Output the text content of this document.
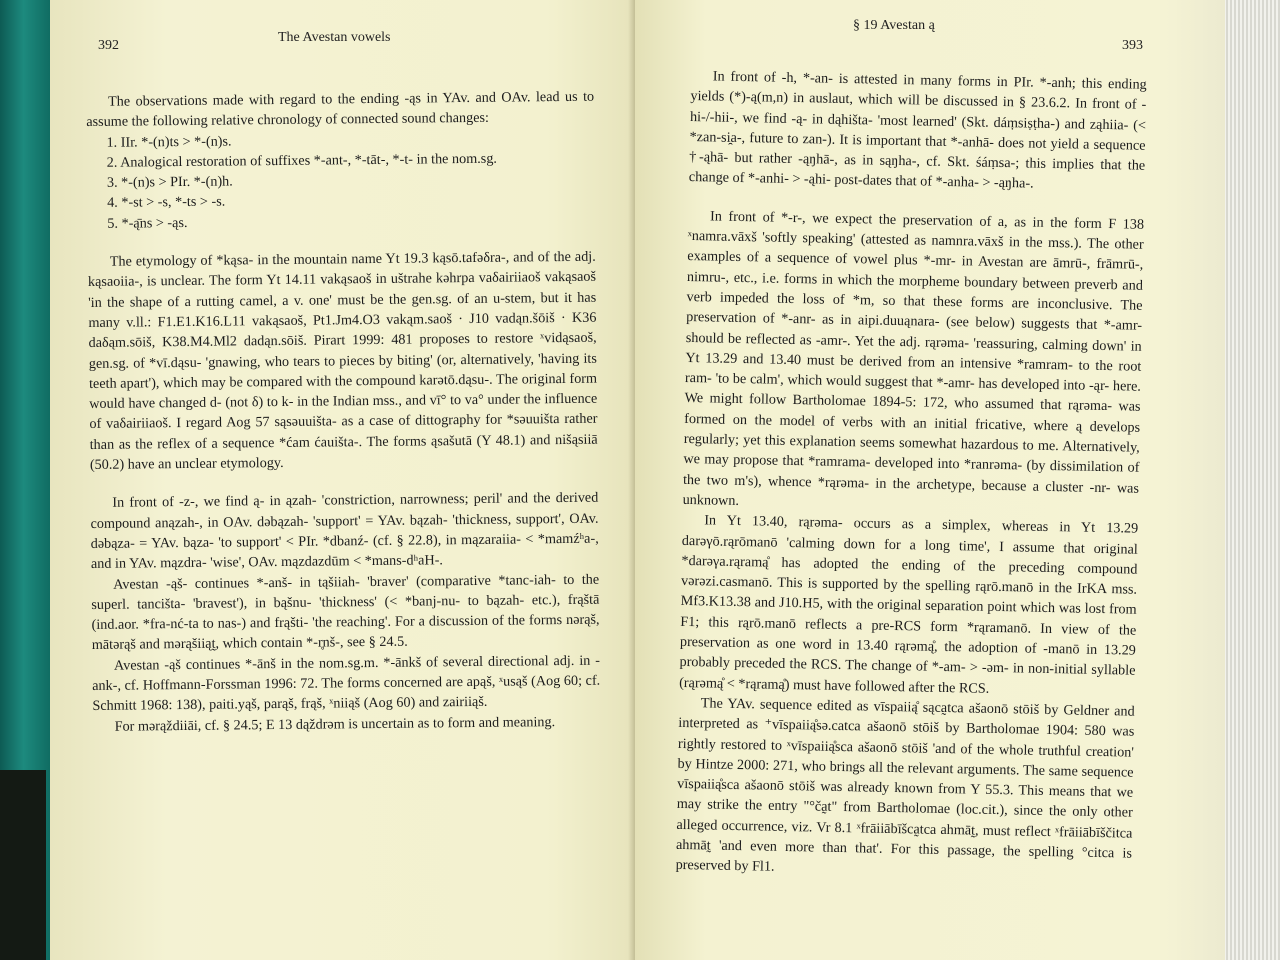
392
The Avestan vowels

The observations made with regard to the ending -ąs in YAv. and OAv. lead us to assume the following relative chronology of connected sound changes:

1. IIr. *-(n)ts > *-(n)s.
2. Analogical restoration of suffixes *-ant-, *-tāt-, *-t- in the nom.sg.
3. *-(n)s > PIr. *-(n)h.
4. *-st > -s, *-ts > -s.
5. *-ą̄ns > -ąs.

The etymology of *kąsa- in the mountain name Yt 19.3 kąsō.tafəδra-, and of the adj. kąsaoiia-, is unclear. The form Yt 14.11 vakąsaoš in uštrahe kəhrpa vaδairiiaoš vakąsaoš 'in the shape of a rutting camel, a v. one' must be the gen.sg. of an u-stem, but it has many v.ll.: F1.E1.K16.L11 vakąsaoš, Pt1.Jm4.O3 vakąm.saoš · J10 vadąn.šōiš · K36 daδąm.sōiš, K38.M4.Ml2 dadąn.sōiš. Pirart 1999: 481 proposes to restore ˣvidąsaoš, gen.sg. of *vī.dąsu- 'gnawing, who tears to pieces by biting' (or, alternatively, 'having its teeth apart'), which may be compared with the compound karətō.dąsu-. The original form would have changed d- (not δ) to k- in the Indian mss., and vī° to va° under the influence of vaδairiiaoš. I regard Aog 57 sąsəuuišta- as a case of dittography for *səuuišta rather than as the reflex of a sequence *ćam ćauišta-. The forms ąsašutā (Y 48.1) and nišąsiiā (50.2) have an unclear etymology.

In front of -z-, we find ą- in ązah- 'constriction, narrowness; peril' and the derived compound anązah-, in OAv. dəbązah- 'support' = YAv. bązah- 'thickness, support', OAv. dəbąza- = YAv. bąza- 'to support' < PIr. *dbanź- (cf. § 22.8), in mązaraiia- < *mamźʰa-, and in YAv. mązdra- 'wise', OAv. mązdazdūm < *mans-dʰaH-.

Avestan -ąš- continues *-anš- in tąšiiah- 'braver' (comparative *tanc-iah- to the superl. tancišta- 'bravest'), in bąšnu- 'thickness' (< *banj-nu- to bązah- etc.), frąštā (ind.aor. *fra-nć-ta to nas-) and frąšti- 'the reaching'. For a discussion of the forms nərąš, mātərąš and mərąšiiąt̰, which contain *-r̥nš-, see § 24.5.

Avestan -ąš continues *-ānš in the nom.sg.m. *-ānkš of several directional adj. in -ank-, cf. Hoffmann-Forssman 1996: 72. The forms concerned are apąš, ˣusąš (Aog 60; cf. Schmitt 1968: 138), paiti.yąš, parąš, frąš, ˣniiąš (Aog 60) and zairiiąš.

For mərąždiiāi, cf. § 24.5; E 13 dąždrəm is uncertain as to form and meaning.

§ 19 Avestan ą
393

In front of -h, *-an- is attested in many forms in PIr. *-anh; this ending yields (*)-ą(m,n) in auslaut, which will be discussed in § 23.6.2. In front of -hi-/-hii-, we find -ą- in dąhišta- 'most learned' (Skt. dáṃsiṣṭha-) and ząhiia- (< *zan-si̯a-, future to zan-). It is important that *-anhā- does not yield a sequence †-ąhā- but rather -ąŋhā-, as in sąŋha-, cf. Skt. śáṃsa-; this implies that the change of *-anhi- > -ąhi- post-dates that of *-anha- > -ąŋha-.

In front of *-r-, we expect the preservation of a, as in the form F 138 ˣnamra.vāxš 'softly speaking' (attested as namnra.vāxš in the mss.). The other examples of a sequence of vowel plus *-mr- in Avestan are āmrū-, frāmrū-, nimru-, etc., i.e. forms in which the morpheme boundary between preverb and verb impeded the loss of *m, so that these forms are inconclusive. The preservation of *-anr- as in aipi.duuąnara- (see below) suggests that *-amr- should be reflected as -amr-. Yet the adj. rąrəma- 'reassuring, calming down' in Yt 13.29 and 13.40 must be derived from an intensive *ramram- to the root ram- 'to be calm', which would suggest that *-amr- has developed into -ąr- here. We might follow Bartholomae 1894-5: 172, who assumed that rąrəma- was formed on the model of verbs with an initial fricative, where ą develops regularly; yet this explanation seems somewhat hazardous to me. Alternatively, we may propose that *ramrama- developed into *ranrəma- (by dissimilation of the two m's), whence *rąrəma- in the archetype, because a cluster -nr- was unknown.

In Yt 13.40, rąrəma- occurs as a simplex, whereas in Yt 13.29 darəγō.rąrōmanō 'calming down for a long time', I assume that original *darəγa.rąramą̊ has adopted the ending of the preceding compound vərəzi.casmanō. This is supported by the spelling rąrō.manō in the IrKA mss. Mf3.K13.38 and J10.H5, with the original separation point which was lost from F1; this rąrō.manō reflects a pre-RCS form *rąramanō. In view of the preservation as one word in 13.40 rąrəmą̊, the adoption of -manō in 13.29 probably preceded the RCS. The change of *-am- > -əm- in non-initial syllable (rąrəmą̊ < *rąramą̊) must have followed after the RCS.

The YAv. sequence edited as vīspaiią̊ sąca̰tca ašaonō stōiš by Geldner and interpreted as ⁺vīspaiią̊sə.catca ašaonō stōiš by Bartholomae 1904: 580 was rightly restored to ˣvīspaiią̊sca ašaonō stōiš 'and of the whole truthful creation' by Hintze 2000: 271, who brings all the relevant arguments. The same sequence vīspaiią̊sca ašaonō stōiš was already known from Y 55.3. This means that we may strike the entry "°ča̰t" from Bartholomae (loc.cit.), since the only other alleged occurrence, viz. Vr 8.1 ˣfrāiiābīšca̰tca ahmāt̰, must reflect ˣfrāiiābīščitca ahmāt̰ 'and even more than that'. For this passage, the spelling °citca is preserved by Fl1.
